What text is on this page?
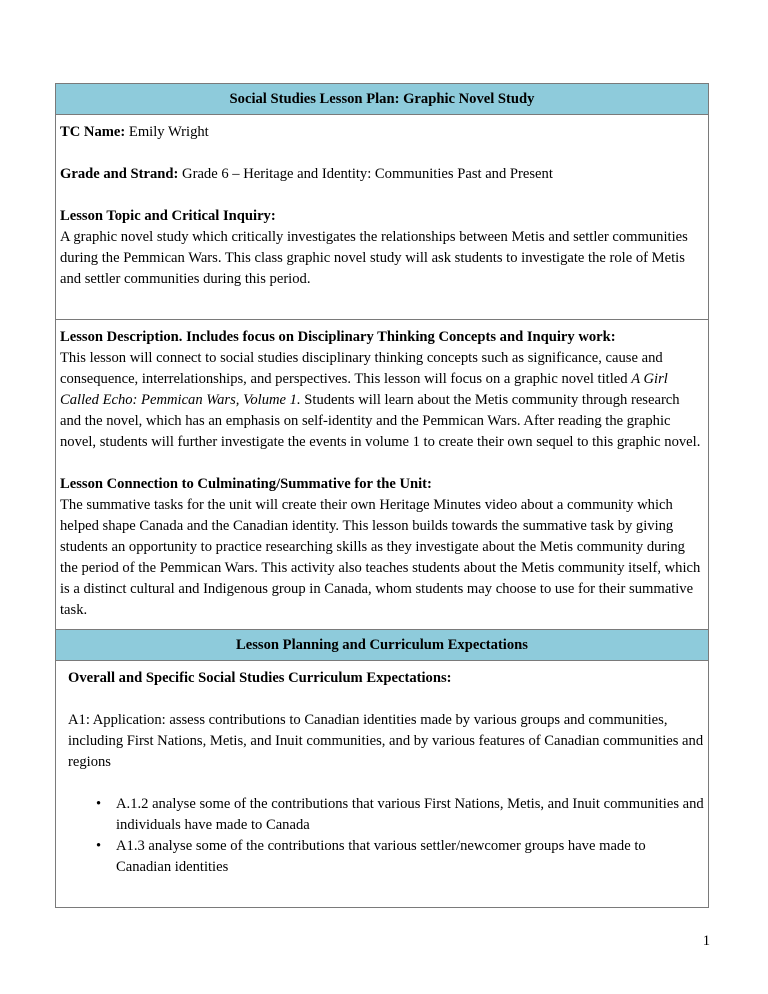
Social Studies Lesson Plan: Graphic Novel Study

TC Name: Emily Wright

Grade and Strand: Grade 6 – Heritage and Identity: Communities Past and Present

Lesson Topic and Critical Inquiry:

A graphic novel study which critically investigates the relationships between Metis and settler communities during the Pemmican Wars. This class graphic novel study will ask students to investigate the role of Metis and settler communities during this period.

Lesson Description. Includes focus on Disciplinary Thinking Concepts and Inquiry work:

This lesson will connect to social studies disciplinary thinking concepts such as significance, cause and consequence, interrelationships, and perspectives. This lesson will focus on a graphic novel titled A Girl Called Echo: Pemmican Wars, Volume 1. Students will learn about the Metis community through research and the novel, which has an emphasis on self-identity and the Pemmican Wars. After reading the graphic novel, students will further investigate the events in volume 1 to create their own sequel to this graphic novel.

Lesson Connection to Culminating/Summative for the Unit:

The summative tasks for the unit will create their own Heritage Minutes video about a community which helped shape Canada and the Canadian identity. This lesson builds towards the summative task by giving students an opportunity to practice researching skills as they investigate about the Metis community during the period of the Pemmican Wars. This activity also teaches students about the Metis community itself, which is a distinct cultural and Indigenous group in Canada, whom students may choose to use for their summative task.

Lesson Planning and Curriculum Expectations

Overall and Specific Social Studies Curriculum Expectations:

A1: Application: assess contributions to Canadian identities made by various groups and communities, including First Nations, Metis, and Inuit communities, and by various features of Canadian communities and regions

• A.1.2 analyse some of the contributions that various First Nations, Metis, and Inuit communities and individuals have made to Canada
• A1.3 analyse some of the contributions that various settler/newcomer groups have made to Canadian identities
1
